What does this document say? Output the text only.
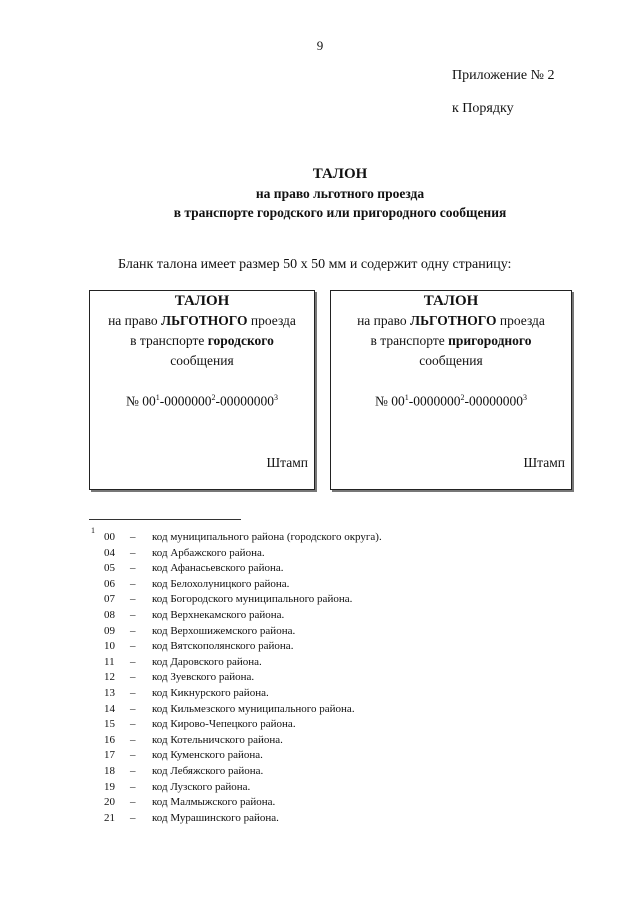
9
Приложение № 2
к Порядку
ТАЛОН
на право льготного проезда
в транспорте городского или пригородного сообщения
Бланк талона имеет размер 50 х 50 мм и содержит одну страницу:
ТАЛОН
на право ЛЬГОТНОГО проезда
в транспорте городского
сообщения
№ $00^1-0000000^2-00000000^3$
Штамп
ТАЛОН
на право ЛЬГОТНОГО проезда
в транспорте пригородного
сообщения
№ $00^1-0000000^2-00000000^3$
Штамп
1
00	–	код муниципального района (городского округа).
04	–	код Арбажского района.
05	–	код Афанасьевского района.
06	–	код Белохолуницкого района.
07	–	код Богородского муниципального района.
08	–	код Верхнекамского района.
09	–	код Верхошижемского района.
10	–	код Вятскополянского района.
11	–	код Даровского района.
12	–	код Зуевского района.
13	–	код Кикнурского района.
14	–	код Кильмезского муниципального района.
15	–	код Кирово-Чепецкого района.
16	–	код Котельничского района.
17	–	код Куменского района.
18	–	код Лебяжского района.
19	–	код Лузского района.
20	–	код Малмыжского района.
21	–	код Мурашинского района.
